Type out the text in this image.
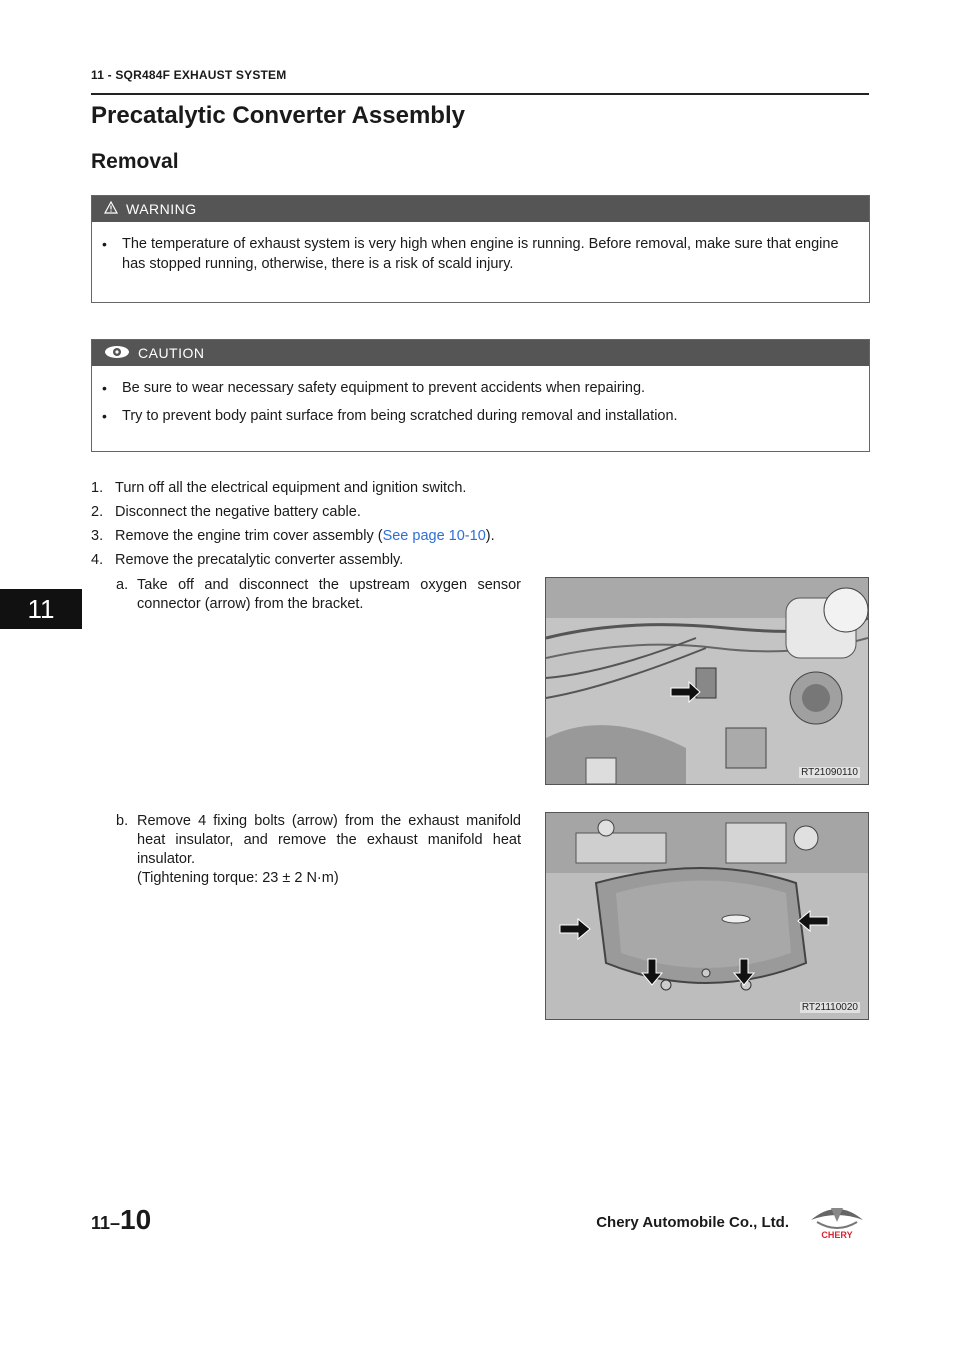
11 - SQR484F EXHAUST SYSTEM
Precatalytic Converter Assembly
Removal
11
WARNING
•	The temperature of exhaust system is very high when engine is running. Before removal, make sure that engine has stopped running, otherwise, there is a risk of scald injury.
CAUTION
•	Be sure to wear necessary safety equipment to prevent accidents when repairing.
•	Try to prevent body paint surface from being scratched during removal and installation.
1. Turn off all the electrical equipment and ignition switch.
2. Disconnect the negative battery cable.
3. Remove the engine trim cover assembly (See page 10-10).
4. Remove the precatalytic converter assembly.
a. Take off and disconnect the upstream oxygen sensor connector (arrow) from the bracket.
b. Remove 4 fixing bolts (arrow) from the exhaust manifold heat insulator, and remove the exhaust manifold heat insulator.
(Tightening torque: 23 ± 2 N·m)
RT21090110
RT21110020
11–10	Chery Automobile Co., Ltd.
CHERY
